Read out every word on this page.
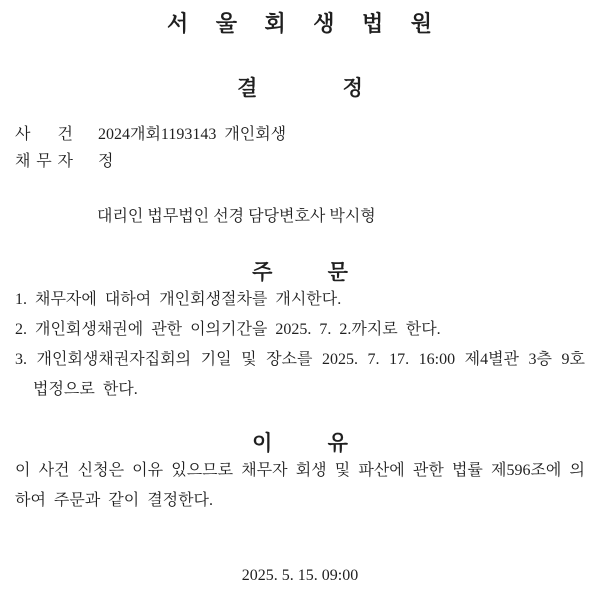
서 울 회 생 법 원
결 정
사 건 2024개회1193143  개인회생
채 무 자 정
대리인 법무법인 선경 담당변호사 박시형
주 문
1. 채무자에 대하여 개인회생절차를 개시한다.
2. 개인회생채권에 관한 이의기간을 2025. 7. 2.까지로 한다.
3. 개인회생채권자집회의 기일 및 장소를 2025. 7. 17. 16:00 제4별관 3층 9호 법정으로 한다.
이 유
이 사건 신청은 이유 있으므로 채무자 회생 및 파산에 관한 법률 제596조에 의하여 주문과 같이 결정한다.
2025. 5. 15. 09:00
